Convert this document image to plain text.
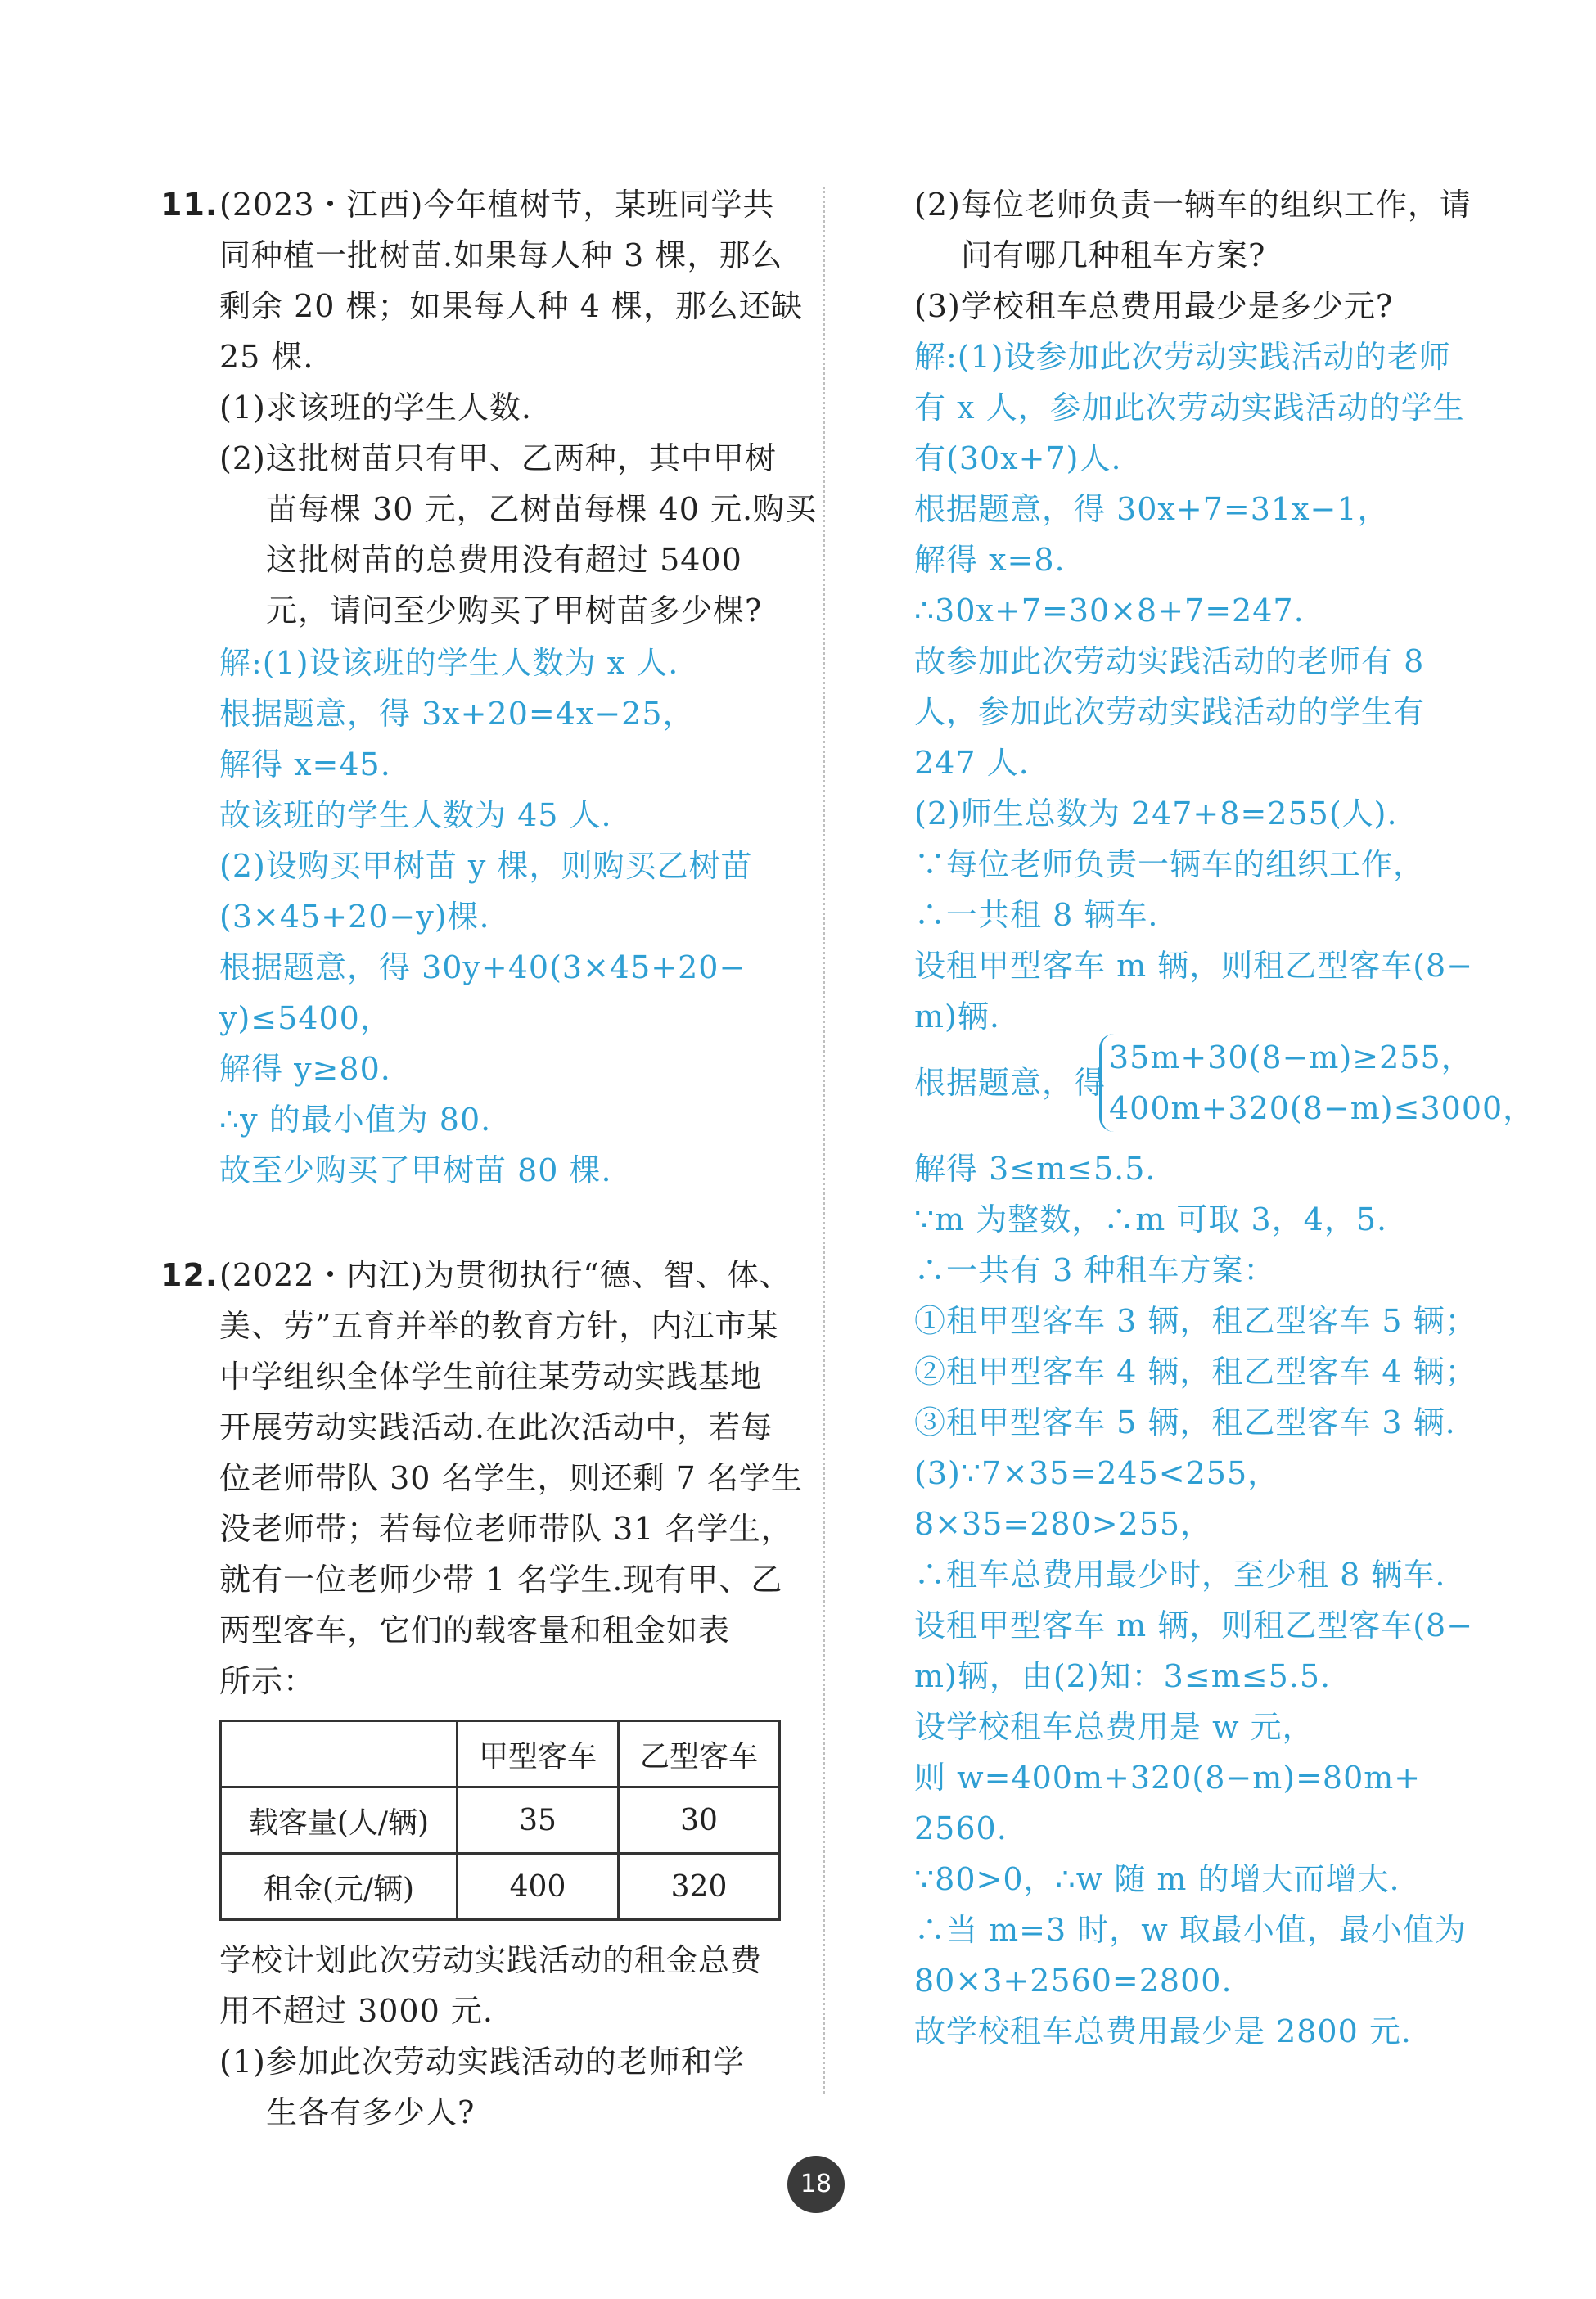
11. (2023・江西)今年植树节，某班同学共
同种植一批树苗.如果每人种 3 棵，那么
剩余 20 棵；如果每人种 4 棵，那么还缺
25 棵.
(1)求该班的学生人数.
(2)这批树苗只有甲、乙两种，其中甲树
苗每棵 30 元，乙树苗每棵 40 元.购买
这批树苗的总费用没有超过 5400
元，请问至少购买了甲树苗多少棵?
解:(1)设该班的学生人数为 x 人.
根据题意，得 3x+20=4x−25，
解得 x=45.
故该班的学生人数为 45 人.
(2)设购买甲树苗 y 棵，则购买乙树苗
(3×45+20−y)棵.
根据题意，得 30y+40(3×45+20−
y)≤5400，
解得 y≥80.
∴y 的最小值为 80.
故至少购买了甲树苗 80 棵.
12. (2022・内江)为贯彻执行“德、智、体、
美、劳”五育并举的教育方针，内江市某
中学组织全体学生前往某劳动实践基地
开展劳动实践活动.在此次活动中，若每
位老师带队 30 名学生，则还剩 7 名学生
没老师带；若每位老师带队 31 名学生，
就有一位老师少带 1 名学生.现有甲、乙
两型客车，它们的载客量和租金如表
所示：
	甲型客车	乙型客车
载客量(人/辆)	35	30
租金(元/辆)	400	320
学校计划此次劳动实践活动的租金总费
用不超过 3000 元.
(1)参加此次劳动实践活动的老师和学
生各有多少人?
(2)每位老师负责一辆车的组织工作，请
问有哪几种租车方案?
(3)学校租车总费用最少是多少元?
解:(1)设参加此次劳动实践活动的老师
有 x 人，参加此次劳动实践活动的学生
有(30x+7)人.
根据题意，得 30x+7=31x−1，
解得 x=8.
∴30x+7=30×8+7=247.
故参加此次劳动实践活动的老师有 8
人，参加此次劳动实践活动的学生有
247 人.
(2)师生总数为 247+8=255(人).
∵每位老师负责一辆车的组织工作，
∴一共租 8 辆车.
设租甲型客车 m 辆，则租乙型客车(8−
m)辆.
根据题意，得
35m+30(8−m)≥255，
400m+320(8−m)≤3000，
解得 3≤m≤5.5.
∵m 为整数，∴m 可取 3，4，5.
∴一共有 3 种租车方案：
①租甲型客车 3 辆，租乙型客车 5 辆；
②租甲型客车 4 辆，租乙型客车 4 辆；
③租甲型客车 5 辆，租乙型客车 3 辆.
(3)∵7×35=245<255，
8×35=280>255，
∴租车总费用最少时，至少租 8 辆车.
设租甲型客车 m 辆，则租乙型客车(8−
m)辆，由(2)知：3≤m≤5.5.
设学校租车总费用是 w 元，
则 w=400m+320(8−m)=80m+
2560.
∵80>0，∴w 随 m 的增大而增大.
∴当 m=3 时，w 取最小值，最小值为
80×3+2560=2800.
故学校租车总费用最少是 2800 元.
18
